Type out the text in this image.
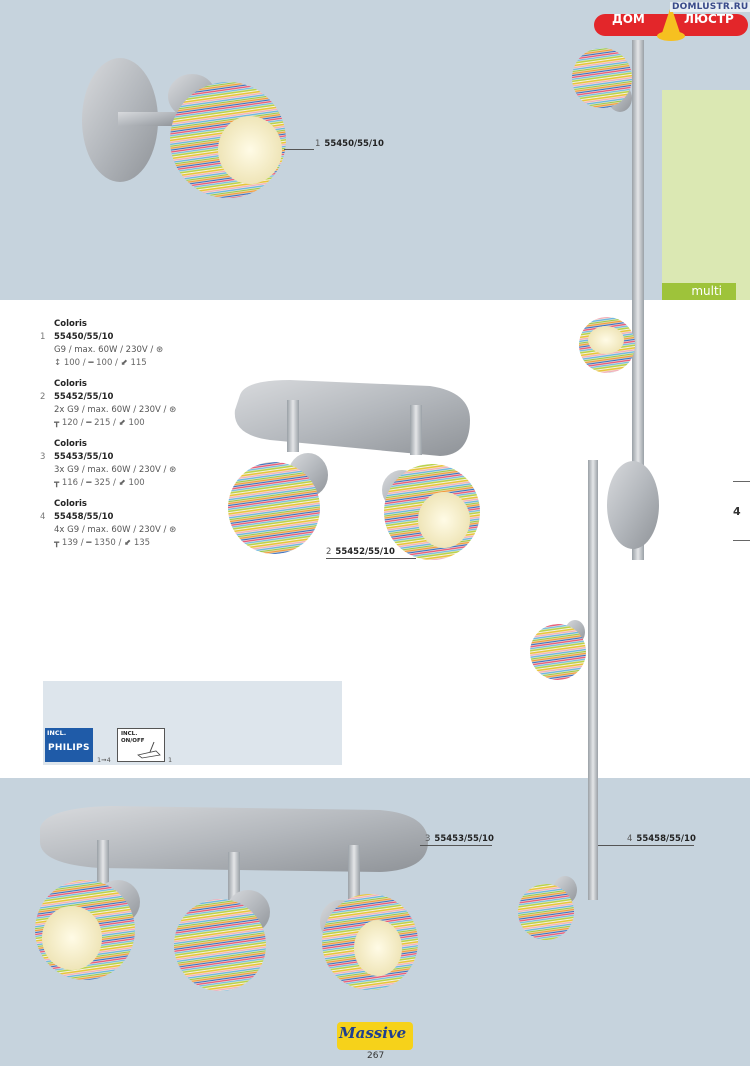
multi
ДОМ	ЛЮСТР
DOMLUSTR.RU
4
Coloris
1 55450/55/10
G9 / max. 60W / 230V / ⊛
↕ 100 / ━ 100 / ⬋ 115
Coloris
2 55452/55/10
2x G9 / max. 60W / 230V / ⊛
┳ 120 / ━ 215 / ⬋ 100
Coloris
3 55453/55/10
3x G9 / max. 60W / 230V / ⊛
┳ 116 / ━ 325 / ⬋ 100
Coloris
4 55458/55/10
4x G9 / max. 60W / 230V / ⊛
┳ 139 / ━ 1350 / ⬋ 135
1 55450/55/10
2 55452/55/10
3 55453/55/10	4 55458/55/10
INCL.
PHILIPS
1➞4
INCL.
ON/OFF
1
Massive
267
